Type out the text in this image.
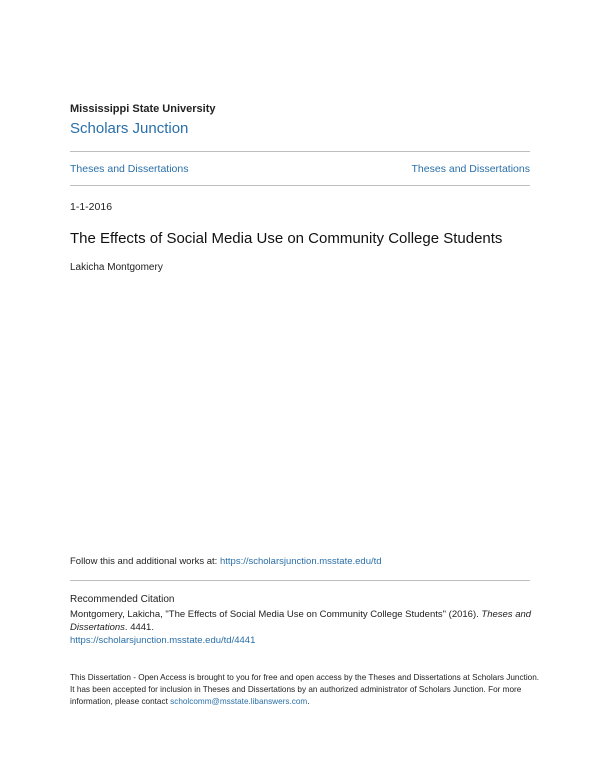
Mississippi State University
Scholars Junction
Theses and Dissertations	Theses and Dissertations
1-1-2016
The Effects of Social Media Use on Community College Students
Lakicha Montgomery
Follow this and additional works at: https://scholarsjunction.msstate.edu/td
Recommended Citation
Montgomery, Lakicha, "The Effects of Social Media Use on Community College Students" (2016). Theses and Dissertations. 4441.
https://scholarsjunction.msstate.edu/td/4441
This Dissertation - Open Access is brought to you for free and open access by the Theses and Dissertations at Scholars Junction. It has been accepted for inclusion in Theses and Dissertations by an authorized administrator of Scholars Junction. For more information, please contact scholcomm@msstate.libanswers.com.
